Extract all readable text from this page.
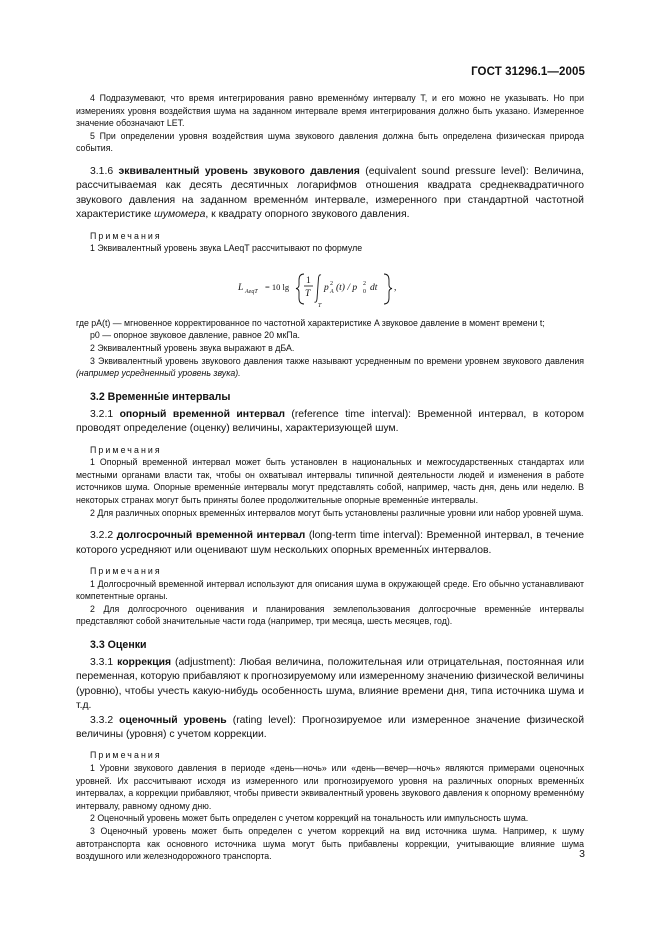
ГОСТ 31296.1—2005

4 Подразумевают, что время интегрирования равно временно́му интервалу T, и его можно не указывать. Но при измерениях уровня воздействия шума на заданном интервале время интегрирования должно быть указано. Измеренное значение обозначают LET.

5 При определении уровня воздействия шума звукового давления должна быть определена физическая природа события.

3.1.6 эквивалентный уровень звукового давления (equivalent sound pressure level): Величина, рассчитываемая как десять десятичных логарифмов отношения квадрата среднеквадратичного звукового давления на заданном временно́м интервале, измеренного при стандартной частотной характеристике шумомера, к квадрату опорного звукового давления.

Примечания

1 Эквивалентный уровень звука LAeqT рассчитывают по формуле

L AeqT = 10 lg
1
T
T
p 2
A (t) / p 2
0 dt ,

где pA(t) — мгновенное корректированное по частотной характеристике A звуковое давление в момент времени t;

p0 — опорное звуковое давление, равное 20 мкПа.

2 Эквивалентный уровень звука выражают в дБА.

3 Эквивалентный уровень звукового давления также называют усредненным по времени уровнем звукового давления (например усредненный уровень звука).

3.2 Временны́е интервалы

3.2.1 опорный временной интервал (reference time interval): Временной интервал, в котором проводят определение (оценку) величины, характеризующей шум.

Примечания

1 Опорный временной интервал может быть установлен в национальных и межгосударственных стандартах или местными органами власти так, чтобы он охватывал интервалы типичной деятельности людей и изменения в работе источников шума. Опорные временны́е интервалы могут представлять собой, например, часть дня, день или неделю. В некоторых странах могут быть приняты более продолжительные опорные временны́е интервалы.

2 Для различных опорных временны́х интервалов могут быть установлены различные уровни или набор уровней шума.

3.2.2 долгосрочный временной интервал (long-term time interval): Временной интервал, в течение которого усредняют или оценивают шум нескольких опорных временны́х интервалов.

Примечания

1 Долгосрочный временной интервал используют для описания шума в окружающей среде. Его обычно устанавливают компетентные органы.

2 Для долгосрочного оценивания и планирования землепользования долгосрочные временны́е интервалы представляют собой значительные части года (например, три месяца, шесть месяцев, год).

3.3 Оценки

3.3.1 коррекция (adjustment): Любая величина, положительная или отрицательная, постоянная или переменная, которую прибавляют к прогнозируемому или измеренному значению физической величины (уровню), чтобы учесть какую-нибудь особенность шума, влияние времени дня, типа источника шума и т.д.

3.3.2 оценочный уровень (rating level): Прогнозируемое или измеренное значение физической величины (уровня) с учетом коррекции.

Примечания

1 Уровни звукового давления в периоде «день—ночь» или «день—вечер—ночь» являются примерами оценочных уровней. Их рассчитывают исходя из измеренного или прогнозируемого уровня на различных опорных временны́х интервалах, а коррекции прибавляют, чтобы привести эквивалентный уровень звукового давления к опорному временно́му интервалу, равному одному дню.

2 Оценочный уровень может быть определен с учетом коррекций на тональность или импульсность шума.

3 Оценочный уровень может быть определен с учетом коррекций на вид источника шума. Например, к шуму автотранспорта как основного источника шума могут быть прибавлены коррекции, учитывающие влияние шума воздушного или железнодорожного транспорта.	3
